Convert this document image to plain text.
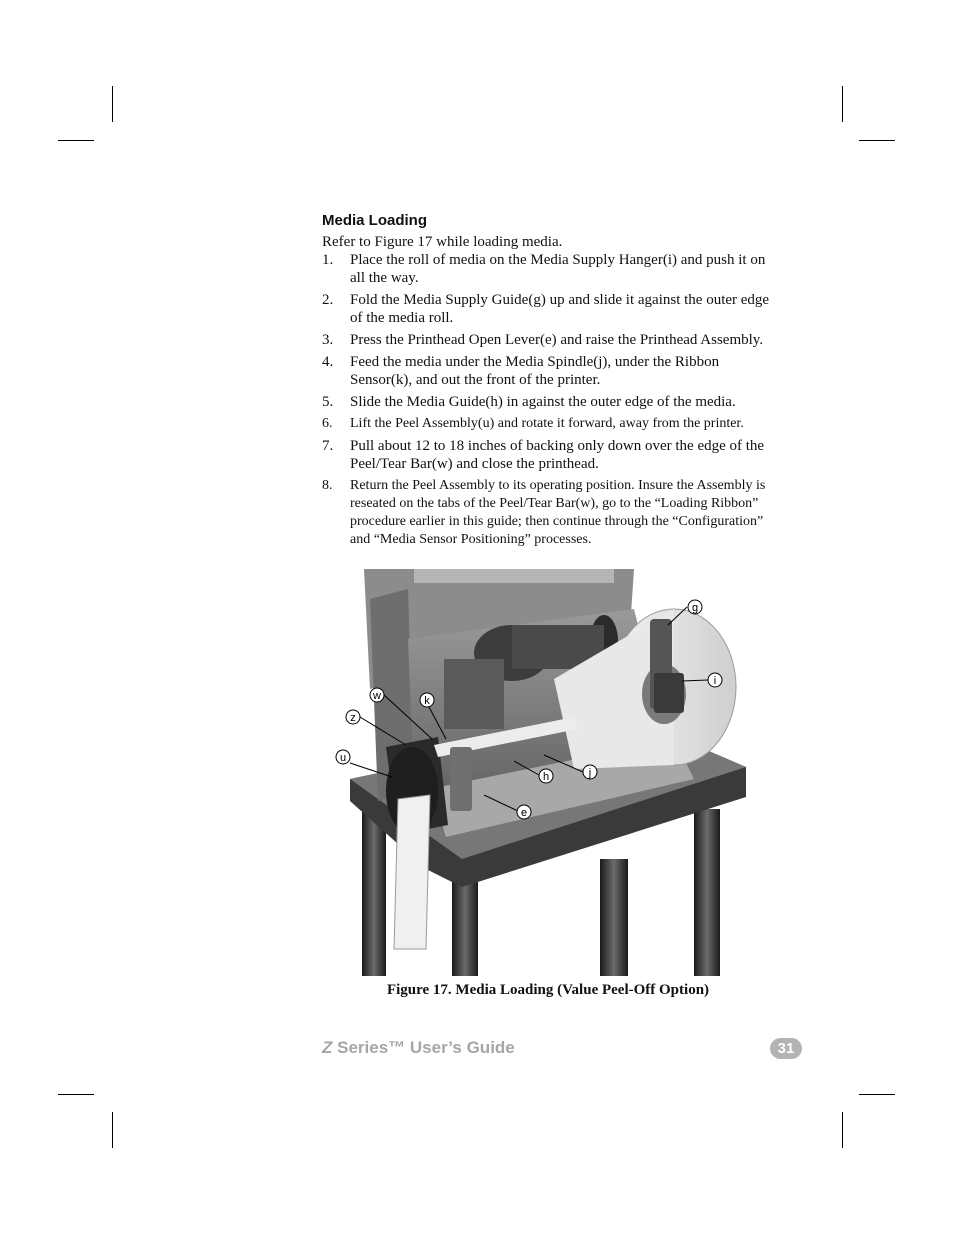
Media Loading
Refer to Figure 17 while loading media.
1. Place the roll of media on the Media Supply Hanger(i) and push it on all the way.
2. Fold the Media Supply Guide(g) up and slide it against the outer edge of the media roll.
3. Press the Printhead Open Lever(e) and raise the Printhead Assembly.
4. Feed the media under the Media Spindle(j), under the Ribbon Sensor(k), and out the front of the printer.
5. Slide the Media Guide(h) in against the outer edge of the media.
6. Lift the Peel Assembly(u) and rotate it forward, away from the printer.
7. Pull about 12 to 18 inches of backing only down over the edge of the Peel/Tear Bar(w) and close the printhead.
8. Return the Peel Assembly to its operating position. Insure the Assembly is reseated on the tabs of the Peel/Tear Bar(w), go to the “Loading Ribbon” procedure earlier in this guide; then continue through the “Configuration” and “Media Sensor Positioning” processes.
g
i
w	k
z
u
h	j
e
Figure 17. Media Loading (Value Peel-Off Option)
Z Series™ User’s Guide	31
